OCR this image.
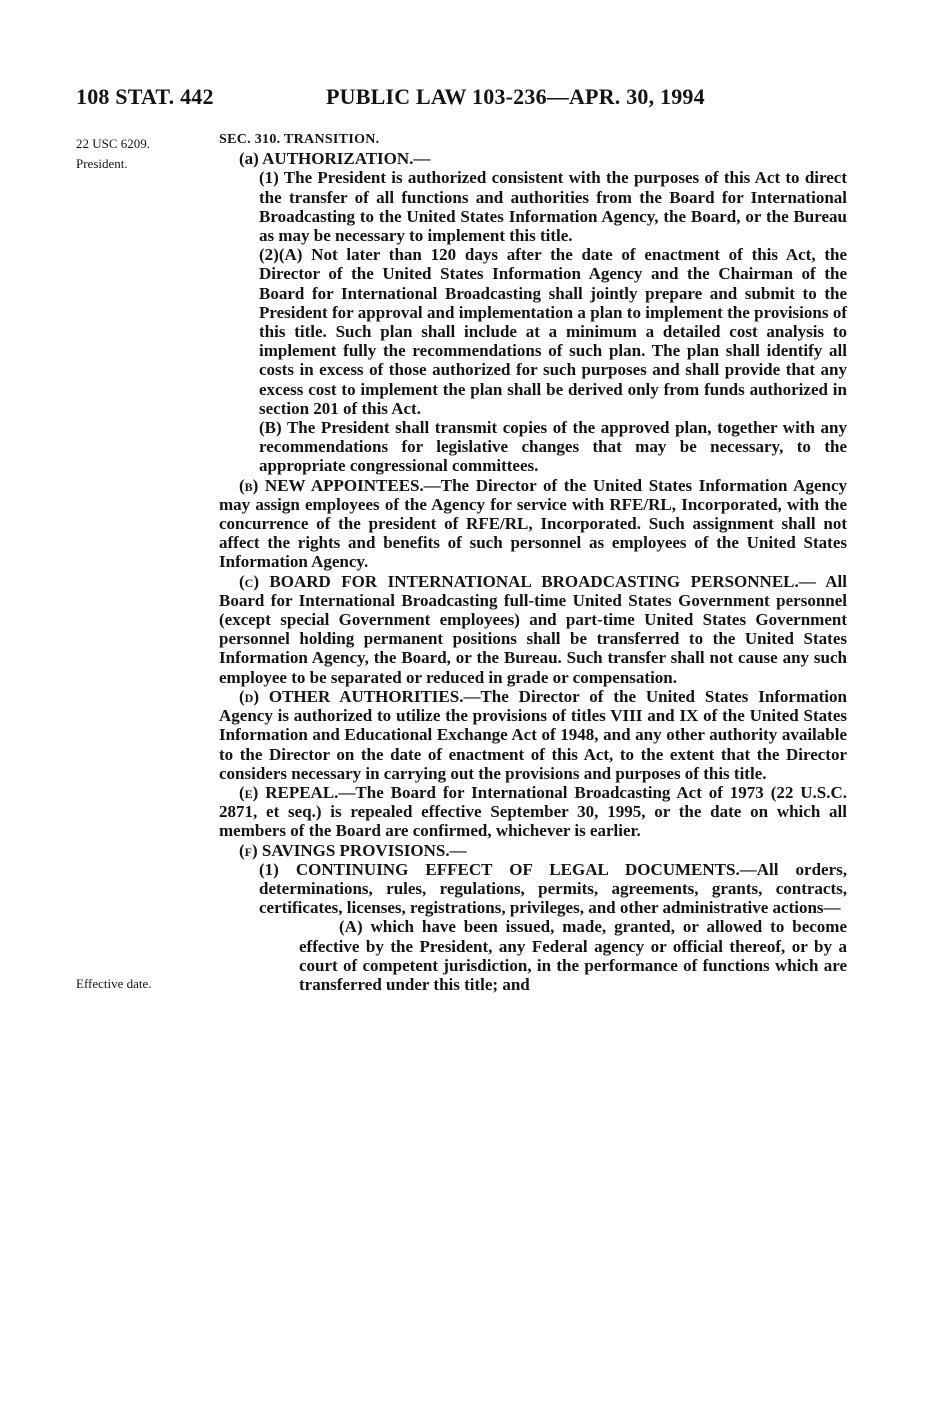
108 STAT. 442	PUBLIC LAW 103-236—APR. 30, 1994
22 USC 6209.
President.
Effective date.

SEC. 310. TRANSITION.

(a) AUTHORIZATION.—

(1) The President is authorized consistent with the purposes of this Act to direct the transfer of all functions and authorities from the Board for International Broadcasting to the United States Information Agency, the Board, or the Bureau as may be necessary to implement this title.

(2)(A) Not later than 120 days after the date of enactment of this Act, the Director of the United States Information Agency and the Chairman of the Board for International Broadcasting shall jointly prepare and submit to the President for approval and implementation a plan to implement the provisions of this title. Such plan shall include at a minimum a detailed cost analysis to implement fully the recommendations of such plan. The plan shall identify all costs in excess of those authorized for such purposes and shall provide that any excess cost to implement the plan shall be derived only from funds authorized in section 201 of this Act.

(B) The President shall transmit copies of the approved plan, together with any recommendations for legislative changes that may be necessary, to the appropriate congressional committees.

(b) NEW APPOINTEES.—The Director of the United States Information Agency may assign employees of the Agency for service with RFE/RL, Incorporated, with the concurrence of the president of RFE/RL, Incorporated. Such assignment shall not affect the rights and benefits of such personnel as employees of the United States Information Agency.

(c) BOARD FOR INTERNATIONAL BROADCASTING PERSONNEL.— All Board for International Broadcasting full-time United States Government personnel (except special Government employees) and part-time United States Government personnel holding permanent positions shall be transferred to the United States Information Agency, the Board, or the Bureau. Such transfer shall not cause any such employee to be separated or reduced in grade or compensation.

(d) OTHER AUTHORITIES.—The Director of the United States Information Agency is authorized to utilize the provisions of titles VIII and IX of the United States Information and Educational Exchange Act of 1948, and any other authority available to the Director on the date of enactment of this Act, to the extent that the Director considers necessary in carrying out the provisions and purposes of this title.

(e) REPEAL.—The Board for International Broadcasting Act of 1973 (22 U.S.C. 2871, et seq.) is repealed effective September 30, 1995, or the date on which all members of the Board are confirmed, whichever is earlier.

(f) SAVINGS PROVISIONS.—

(1) CONTINUING EFFECT OF LEGAL DOCUMENTS.—All orders, determinations, rules, regulations, permits, agreements, grants, contracts, certificates, licenses, registrations, privileges, and other administrative actions—

(A) which have been issued, made, granted, or allowed to become effective by the President, any Federal agency or official thereof, or by a court of competent jurisdiction, in the performance of functions which are transferred under this title; and
